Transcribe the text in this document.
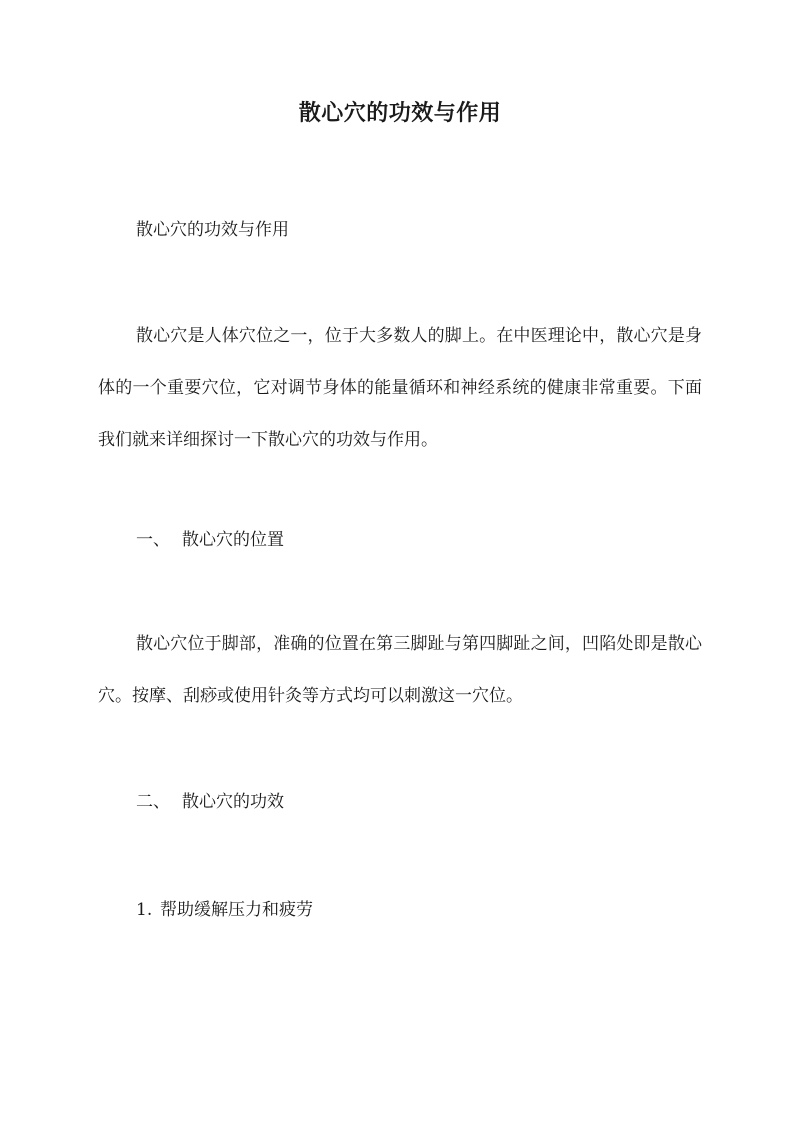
散心穴的功效与作用
散心穴的功效与作用
散心穴是人体穴位之一，位于大多数人的脚上。在中医理论中，散心穴是身体的一个重要穴位，它对调节身体的能量循环和神经系统的健康非常重要。下面我们就来详细探讨一下散心穴的功效与作用。
一、 散心穴的位置
散心穴位于脚部，准确的位置在第三脚趾与第四脚趾之间，凹陷处即是散心穴。按摩、刮痧或使用针灸等方式均可以刺激这一穴位。
二、 散心穴的功效
1. 帮助缓解压力和疲劳
